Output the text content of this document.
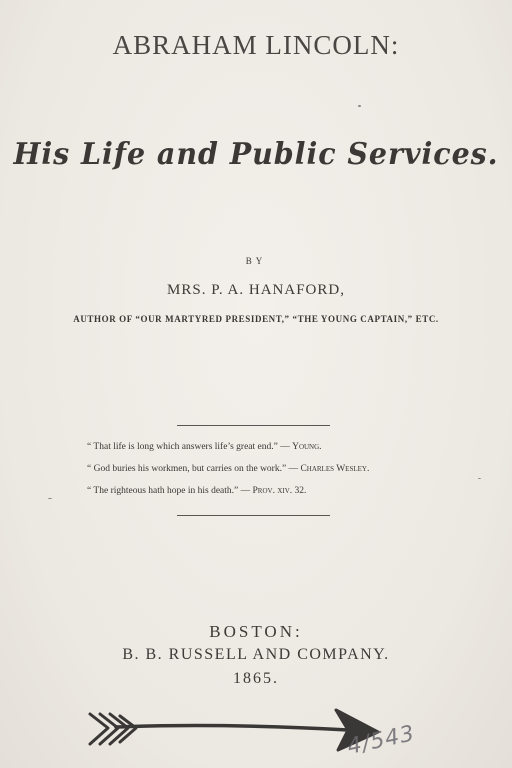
ABRAHAM LINCOLN:
His Life and Public Services.
BY
MRS. P. A. HANAFORD,
AUTHOR OF “OUR MARTYRED PRESIDENT,” “THE YOUNG CAPTAIN,” ETC.
“ That life is long which answers life’s great end.” — Young.
“ God buries his workmen, but carries on the work.” — Charles Wesley.
“ The righteous hath hope in his death.” — Prov. xiv. 32.
BOSTON:
B. B. RUSSELL AND COMPANY.
1865.
4/543
